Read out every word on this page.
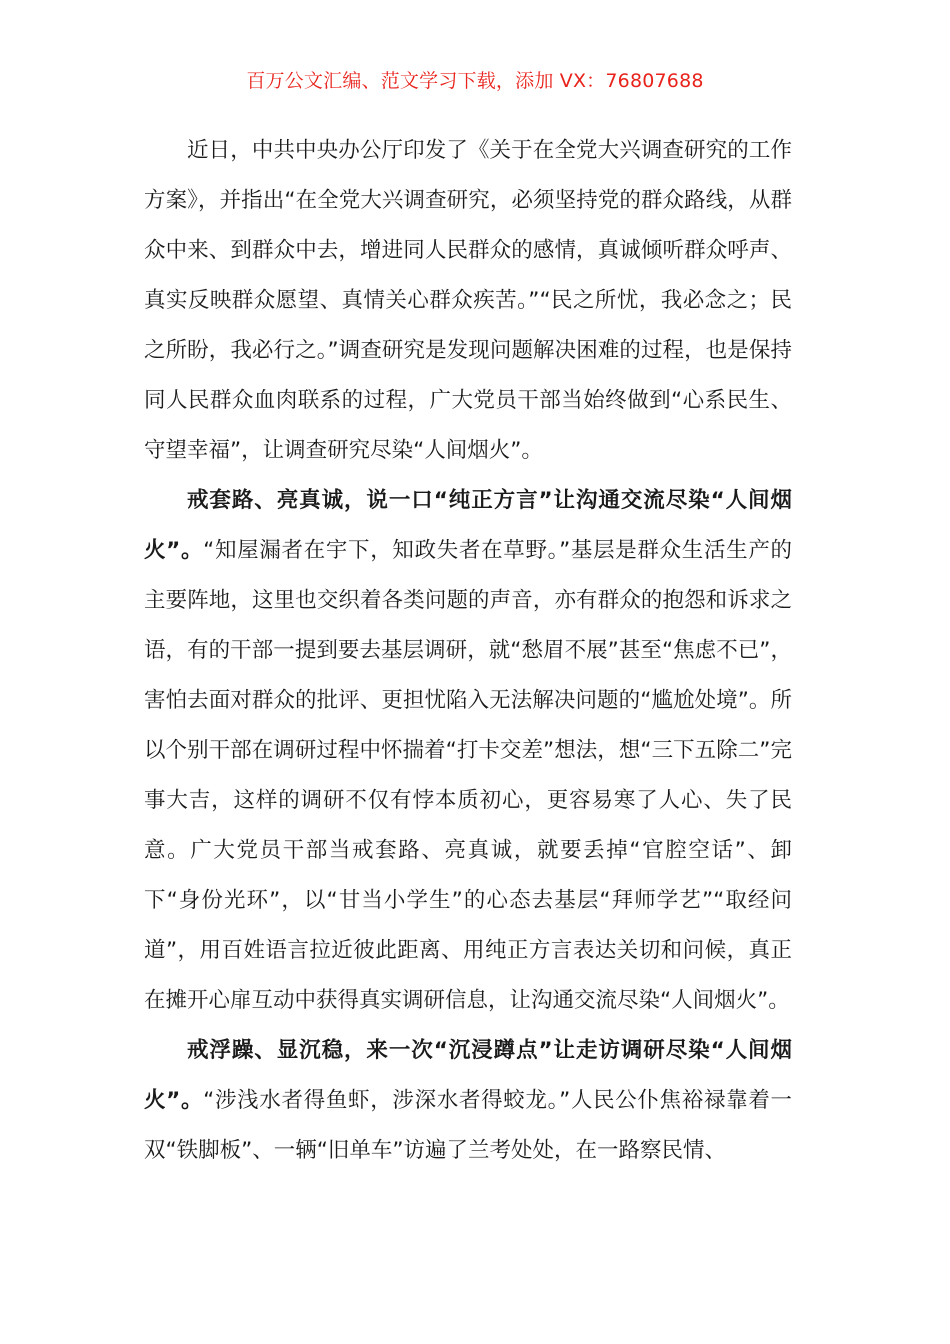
百万公文汇编、范文学习下载，添加 VX：76807688

近日，中共中央办公厅印发了《关于在全党大兴调查研究的工作方案》，并指出“在全党大兴调查研究，必须坚持党的群众路线，从群众中来、到群众中去，增进同人民群众的感情，真诚倾听群众呼声、真实反映群众愿望、真情关心群众疾苦。”“民之所忧，我必念之；民之所盼，我必行之。”调查研究是发现问题解决困难的过程，也是保持同人民群众血肉联系的过程，广大党员干部当始终做到“心系民生、守望幸福”，让调查研究尽染“人间烟火”。

戒套路、亮真诚，说一口“纯正方言”让沟通交流尽染“人间烟火”。“知屋漏者在宇下，知政失者在草野。”基层是群众生活生产的主要阵地，这里也交织着各类问题的声音，亦有群众的抱怨和诉求之语，有的干部一提到要去基层调研，就“愁眉不展”甚至“焦虑不已”，害怕去面对群众的批评、更担忧陷入无法解决问题的“尴尬处境”。所以个别干部在调研过程中怀揣着“打卡交差”想法，想“三下五除二”完事大吉，这样的调研不仅有悖本质初心，更容易寒了人心、失了民意。广大党员干部当戒套路、亮真诚，就要丢掉“官腔空话”、卸下“身份光环”，以“甘当小学生”的心态去基层“拜师学艺”“取经问道”，用百姓语言拉近彼此距离、用纯正方言表达关切和问候，真正在摊开心扉互动中获得真实调研信息，让沟通交流尽染“人间烟火”。

戒浮躁、显沉稳，来一次“沉浸蹲点”让走访调研尽染“人间烟火”。“涉浅水者得鱼虾，涉深水者得蛟龙。”人民公仆焦裕禄靠着一双“铁脚板”、一辆“旧单车”访遍了兰考处处，在一路察民情、
